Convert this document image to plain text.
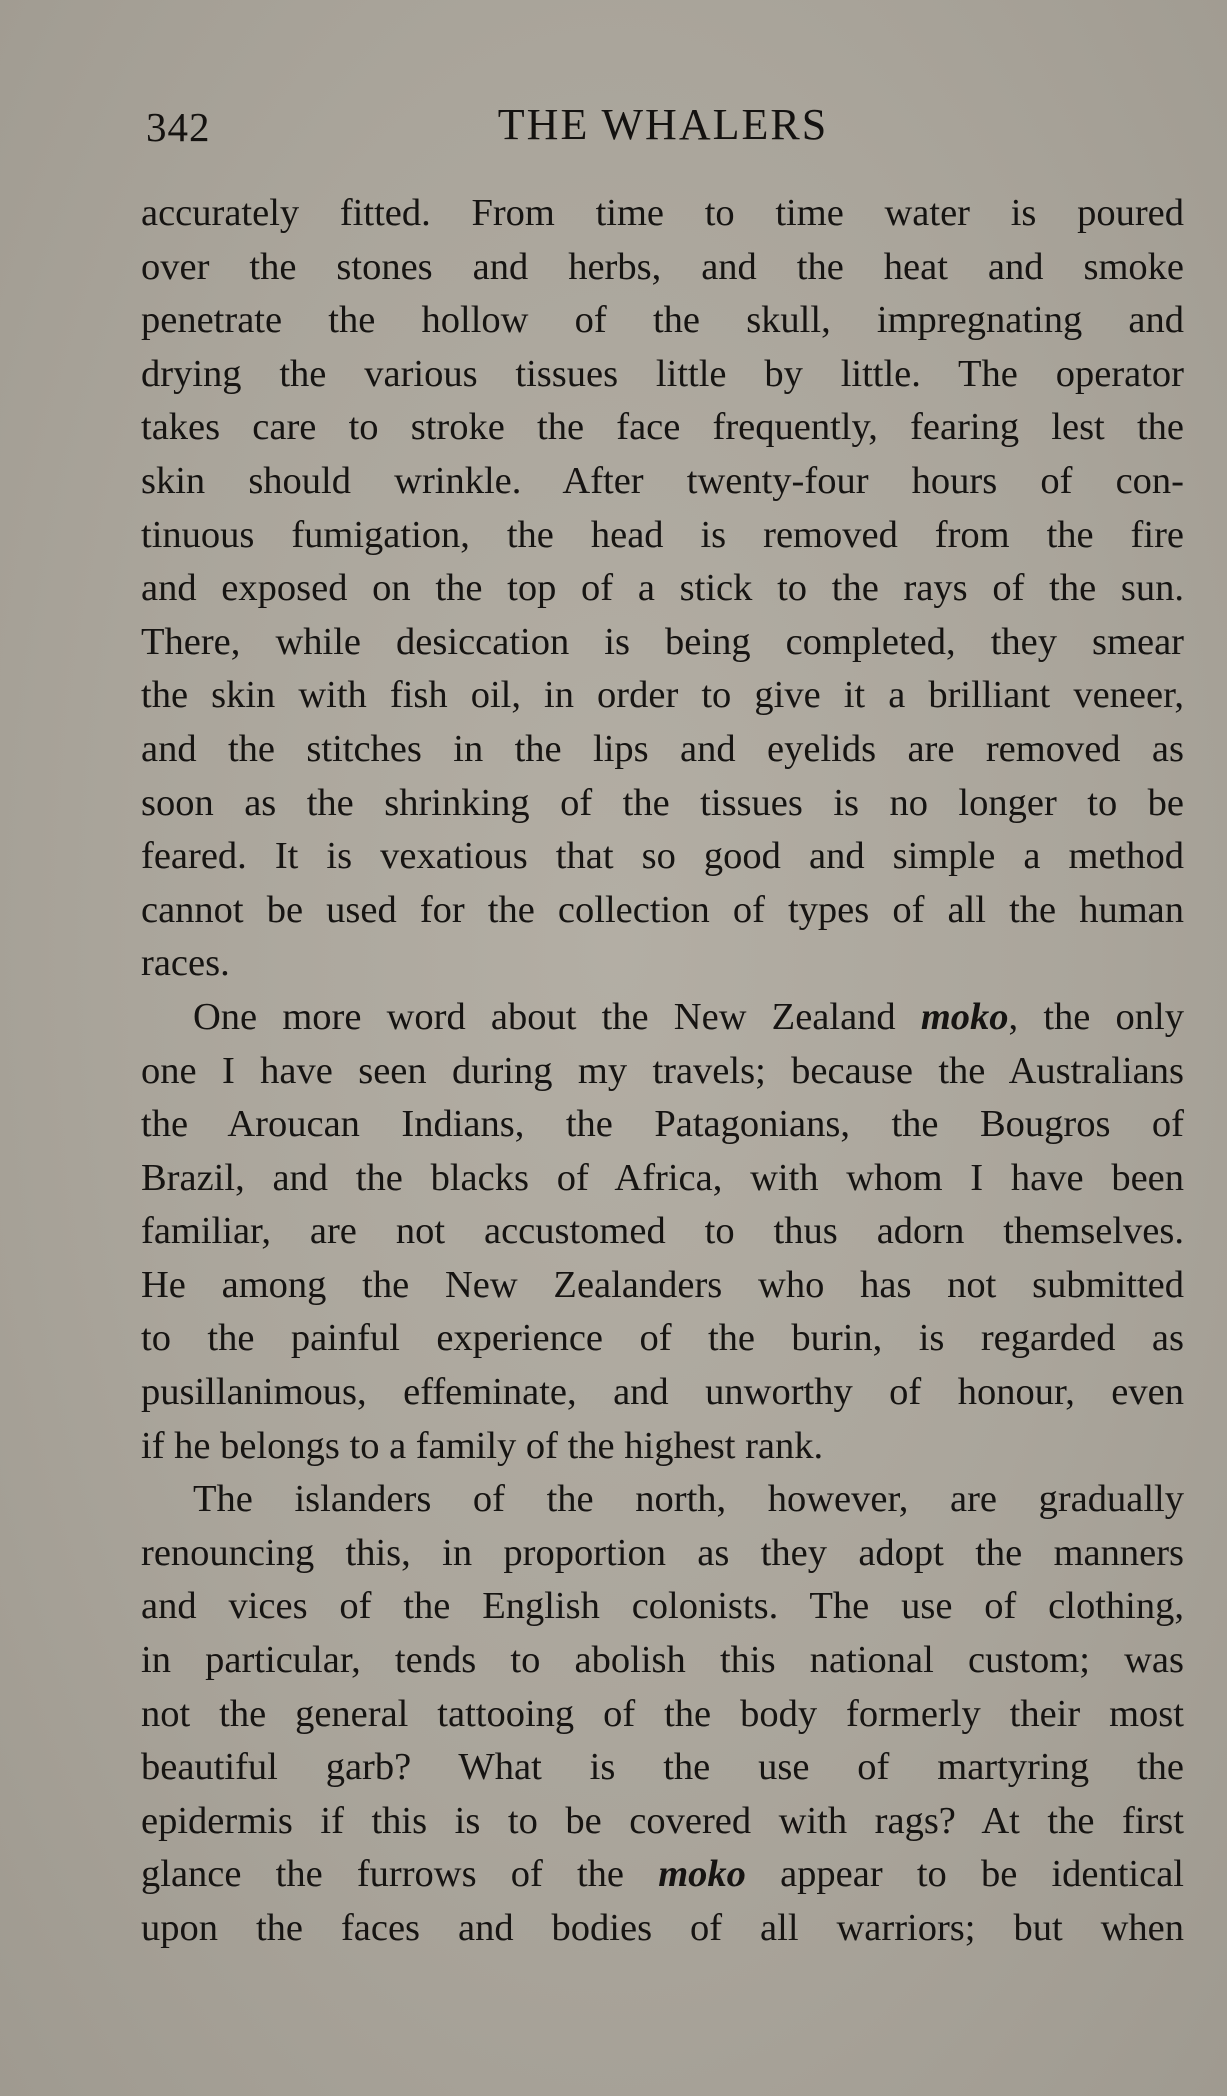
342	THE WHALERS
accurately fitted. From time to time water is poured
over the stones and herbs, and the heat and smoke
penetrate the hollow of the skull, impregnating and
drying the various tissues little by little. The operator
takes care to stroke the face frequently, fearing lest the
skin should wrinkle. After twenty-four hours of con-
tinuous fumigation, the head is removed from the fire
and exposed on the top of a stick to the rays of the sun.
There, while desiccation is being completed, they smear
the skin with fish oil, in order to give it a brilliant veneer,
and the stitches in the lips and eyelids are removed as
soon as the shrinking of the tissues is no longer to be
feared. It is vexatious that so good and simple a method
cannot be used for the collection of types of all the human
races.
One more word about the New Zealand moko, the only
one I have seen during my travels; because the Australians
the Aroucan Indians, the Patagonians, the Bougros of
Brazil, and the blacks of Africa, with whom I have been
familiar, are not accustomed to thus adorn themselves.
He among the New Zealanders who has not submitted
to the painful experience of the burin, is regarded as
pusillanimous, effeminate, and unworthy of honour, even
if he belongs to a family of the highest rank.
The islanders of the north, however, are gradually
renouncing this, in proportion as they adopt the manners
and vices of the English colonists. The use of clothing,
in particular, tends to abolish this national custom; was
not the general tattooing of the body formerly their most
beautiful garb? What is the use of martyring the
epidermis if this is to be covered with rags? At the first
glance the furrows of the moko appear to be identical
upon the faces and bodies of all warriors; but when
